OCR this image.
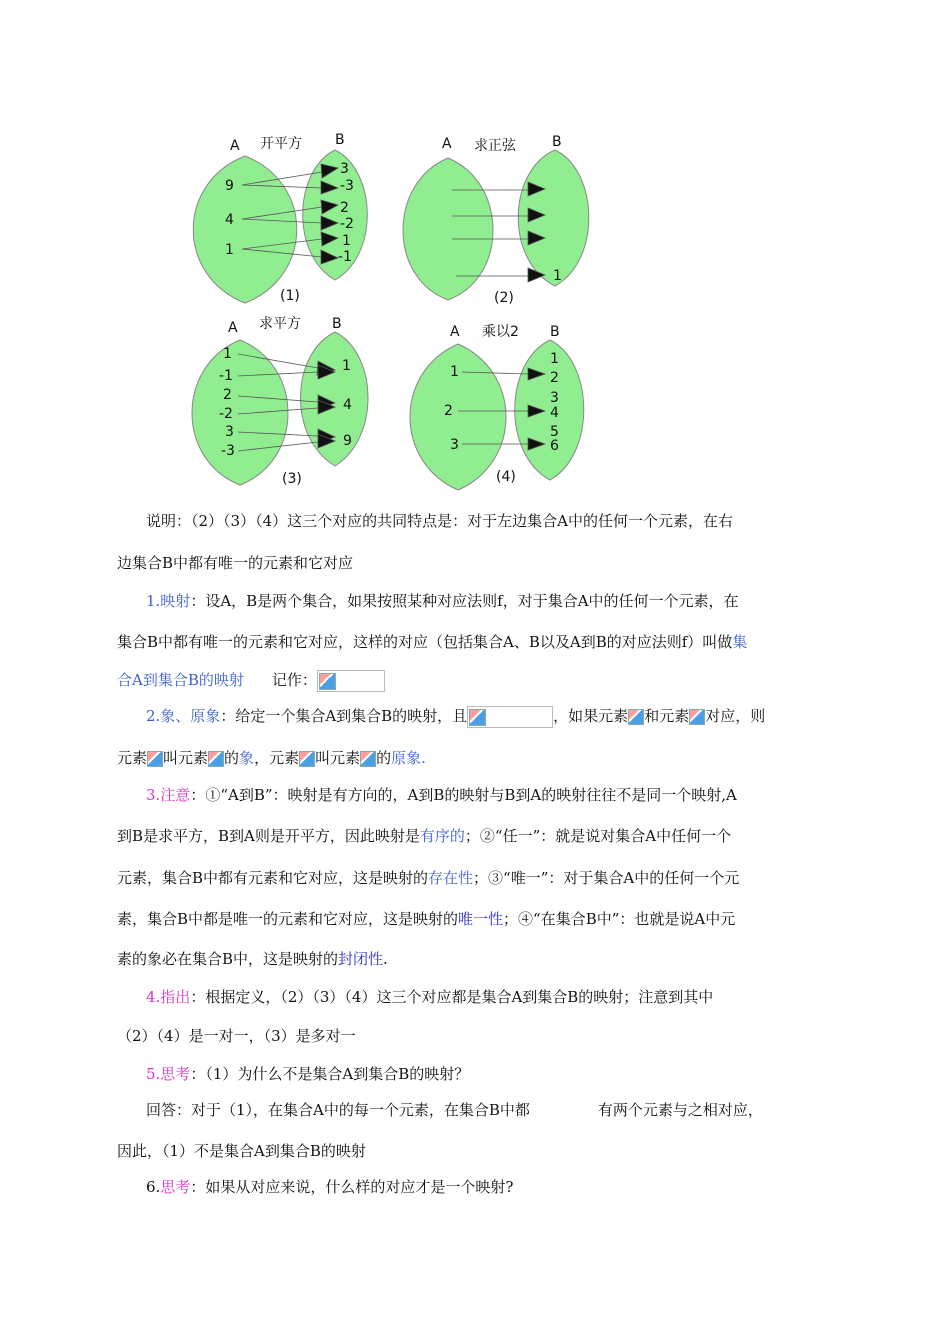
A 开平方 B
9
4
1
3
-3
2
-2
1
-1
(1)
A 求正弦	B
1
(2)
A 求平方 B
1
-1
2
-2
3
-3
1
4
9
(3)
A 乘以2 B
1
2
3
1
2
3
4
5
6
(4)
说明：（2）（3）（4）这三个对应的共同特点是：对于左边集合A中的任何一个元素，在右
边集合B中都有唯一的元素和它对应
1.映射：设A，B是两个集合，如果按照某种对应法则f，对于集合A中的任何一个元素，在
集合B中都有唯一的元素和它对应，这样的对应（包括集合A、B以及A到B的对应法则f）叫做集
合A到集合B的映射 记作：
2.象、原象：给定一个集合A到集合B的映射，且	，如果元素 和元素 对应，则
元素 叫元素 的象，元素 叫元素 的原象.
3.注意：①“A到B”：映射是有方向的，A到B的映射与B到A的映射往往不是同一个映射,A
到B是求平方，B到A则是开平方，因此映射是有序的；②“任一”：就是说对集合A中任何一个
元素，集合B中都有元素和它对应，这是映射的存在性；③“唯一”：对于集合A中的任何一个元
素，集合B中都是唯一的元素和它对应，这是映射的唯一性；④“在集合B中”：也就是说A中元
素的象必在集合B中，这是映射的封闭性.
4.指出：根据定义，（2）（3）（4）这三个对应都是集合A到集合B的映射；注意到其中
（2）（4）是一对一，（3）是多对一
5.思考：（1）为什么不是集合A到集合B的映射？
回答：对于（1），在集合A中的每一个元素，在集合B中都	有两个元素与之相对应，
因此，（1）不是集合A到集合B的映射
6.思考：如果从对应来说，什么样的对应才是一个映射?
